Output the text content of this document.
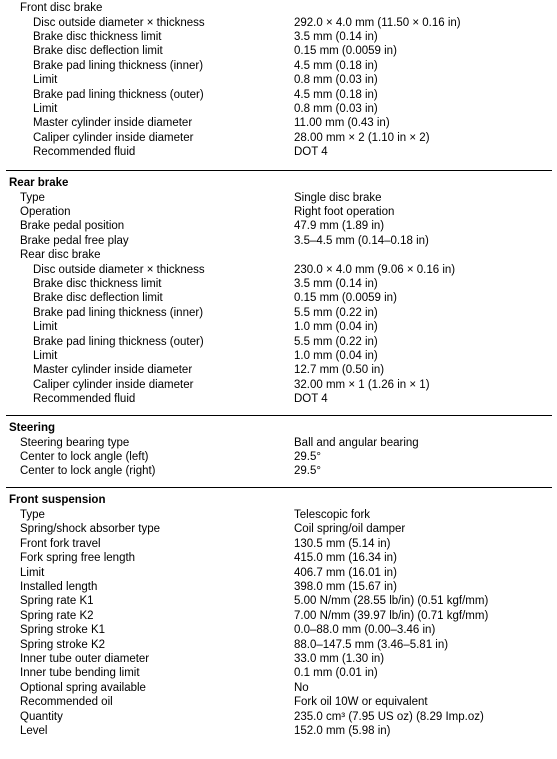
Front disc brake
Disc outside diameter × thickness	292.0 × 4.0 mm (11.50 × 0.16 in)
Brake disc thickness limit	3.5 mm (0.14 in)
Brake disc deflection limit	0.15 mm (0.0059 in)
Brake pad lining thickness (inner)	4.5 mm (0.18 in)
Limit	0.8 mm (0.03 in)
Brake pad lining thickness (outer)	4.5 mm (0.18 in)
Limit	0.8 mm (0.03 in)
Master cylinder inside diameter	11.00 mm (0.43 in)
Caliper cylinder inside diameter	28.00 mm × 2 (1.10 in × 2)
Recommended fluid	DOT 4
Rear brake
Type	Single disc brake
Operation	Right foot operation
Brake pedal position	47.9 mm (1.89 in)
Brake pedal free play	3.5–4.5 mm (0.14–0.18 in)
Rear disc brake
Disc outside diameter × thickness	230.0 × 4.0 mm (9.06 × 0.16 in)
Brake disc thickness limit	3.5 mm (0.14 in)
Brake disc deflection limit	0.15 mm (0.0059 in)
Brake pad lining thickness (inner)	5.5 mm (0.22 in)
Limit	1.0 mm (0.04 in)
Brake pad lining thickness (outer)	5.5 mm (0.22 in)
Limit	1.0 mm (0.04 in)
Master cylinder inside diameter	12.7 mm (0.50 in)
Caliper cylinder inside diameter	32.00 mm × 1 (1.26 in × 1)
Recommended fluid	DOT 4
Steering
Steering bearing type	Ball and angular bearing
Center to lock angle (left)	29.5°
Center to lock angle (right)	29.5°
Front suspension
Type	Telescopic fork
Spring/shock absorber type	Coil spring/oil damper
Front fork travel	130.5 mm (5.14 in)
Fork spring free length	415.0 mm (16.34 in)
Limit	406.7 mm (16.01 in)
Installed length	398.0 mm (15.67 in)
Spring rate K1	5.00 N/mm (28.55 lb/in) (0.51 kgf/mm)
Spring rate K2	7.00 N/mm (39.97 lb/in) (0.71 kgf/mm)
Spring stroke K1	0.0–88.0 mm (0.00–3.46 in)
Spring stroke K2	88.0–147.5 mm (3.46–5.81 in)
Inner tube outer diameter	33.0 mm (1.30 in)
Inner tube bending limit	0.1 mm (0.01 in)
Optional spring available	No
Recommended oil	Fork oil 10W or equivalent
Quantity	235.0 cm³ (7.95 US oz) (8.29 Imp.oz)
Level	152.0 mm (5.98 in)
